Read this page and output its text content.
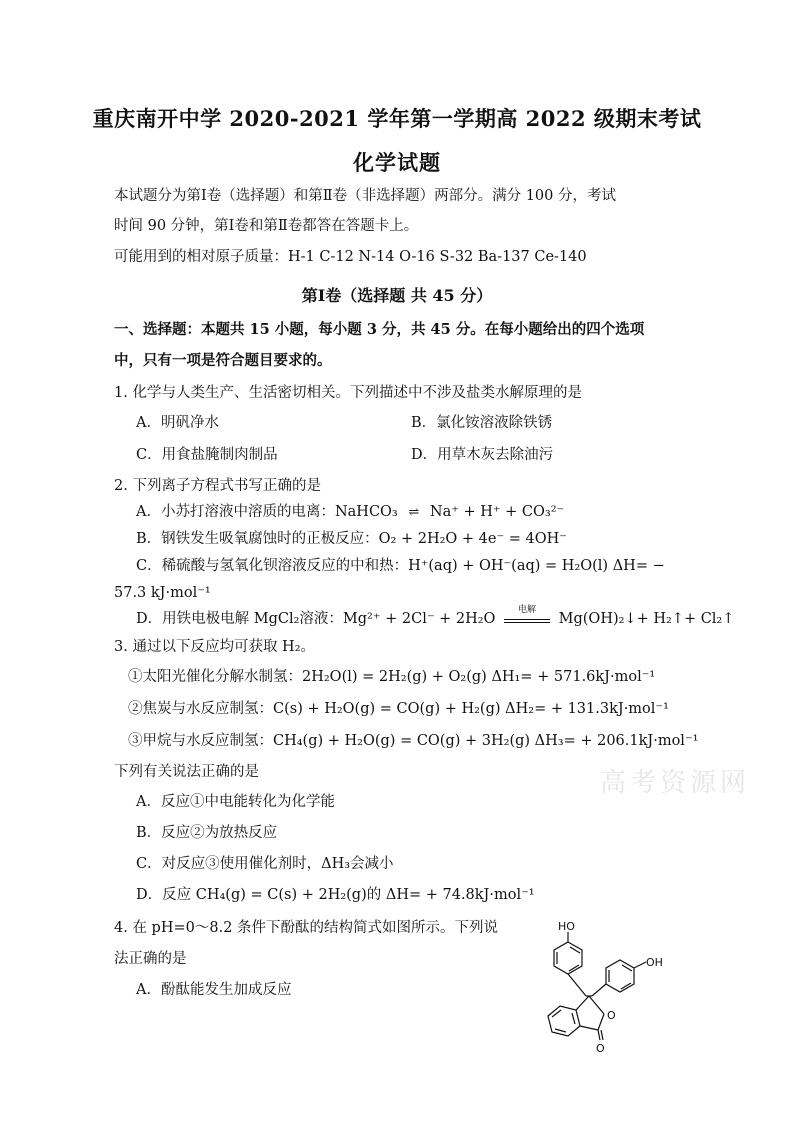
重庆南开中学 2020-2021 学年第一学期高 2022 级期末考试
化学试题
本试题分为第Ⅰ卷（选择题）和第Ⅱ卷（非选择题）两部分。满分 100 分，考试
时间 90 分钟，第Ⅰ卷和第Ⅱ卷都答在答题卡上。
可能用到的相对原子质量：H-1 C-12 N-14 O-16 S-32 Ba-137 Ce-140
第Ⅰ卷（选择题 共 45 分）
一、选择题：本题共 15 小题，每小题 3 分，共 45 分。在每小题给出的四个选项
中，只有一项是符合题目要求的。
1. 化学与人类生产、生活密切相关。下列描述中不涉及盐类水解原理的是
A．明矾净水	B．氯化铵溶液除铁锈
C．用食盐腌制肉制品	D．用草木灰去除油污
2. 下列离子方程式书写正确的是
A．小苏打溶液中溶质的电离：NaHCO₃ ⇌ Na⁺ + H⁺ + CO₃²⁻
B．钢铁发生吸氧腐蚀时的正极反应：O₂ + 2H₂O + 4e⁻ = 4OH⁻
C．稀硫酸与氢氧化钡溶液反应的中和热：H⁺(aq) + OH⁻(aq) = H₂O(l) ΔH= −
57.3 kJ·mol⁻¹
D．用铁电极电解 MgCl₂溶液：Mg²⁺ + 2Cl⁻ + 2H₂O
电解
Mg(OH)₂↓+ H₂↑+ Cl₂↑
3. 通过以下反应均可获取 H₂。
①太阳光催化分解水制氢：2H₂O(l) = 2H₂(g) + O₂(g) ΔH₁= + 571.6kJ·mol⁻¹
②焦炭与水反应制氢：C(s) + H₂O(g) = CO(g) + H₂(g) ΔH₂= + 131.3kJ·mol⁻¹
③甲烷与水反应制氢：CH₄(g) + H₂O(g) = CO(g) + 3H₂(g) ΔH₃= + 206.1kJ·mol⁻¹
下列有关说法正确的是
A．反应①中电能转化为化学能
B．反应②为放热反应
C．对反应③使用催化剂时，ΔH₃会减小
D．反应 CH₄(g) = C(s) + 2H₂(g)的 ΔH= + 74.8kJ·mol⁻¹
4. 在 pH=0～8.2 条件下酚酞的结构简式如图所示。下列说
法正确的是
A．酚酞能发生加成反应
HO
OH
O
O
高考资源网
